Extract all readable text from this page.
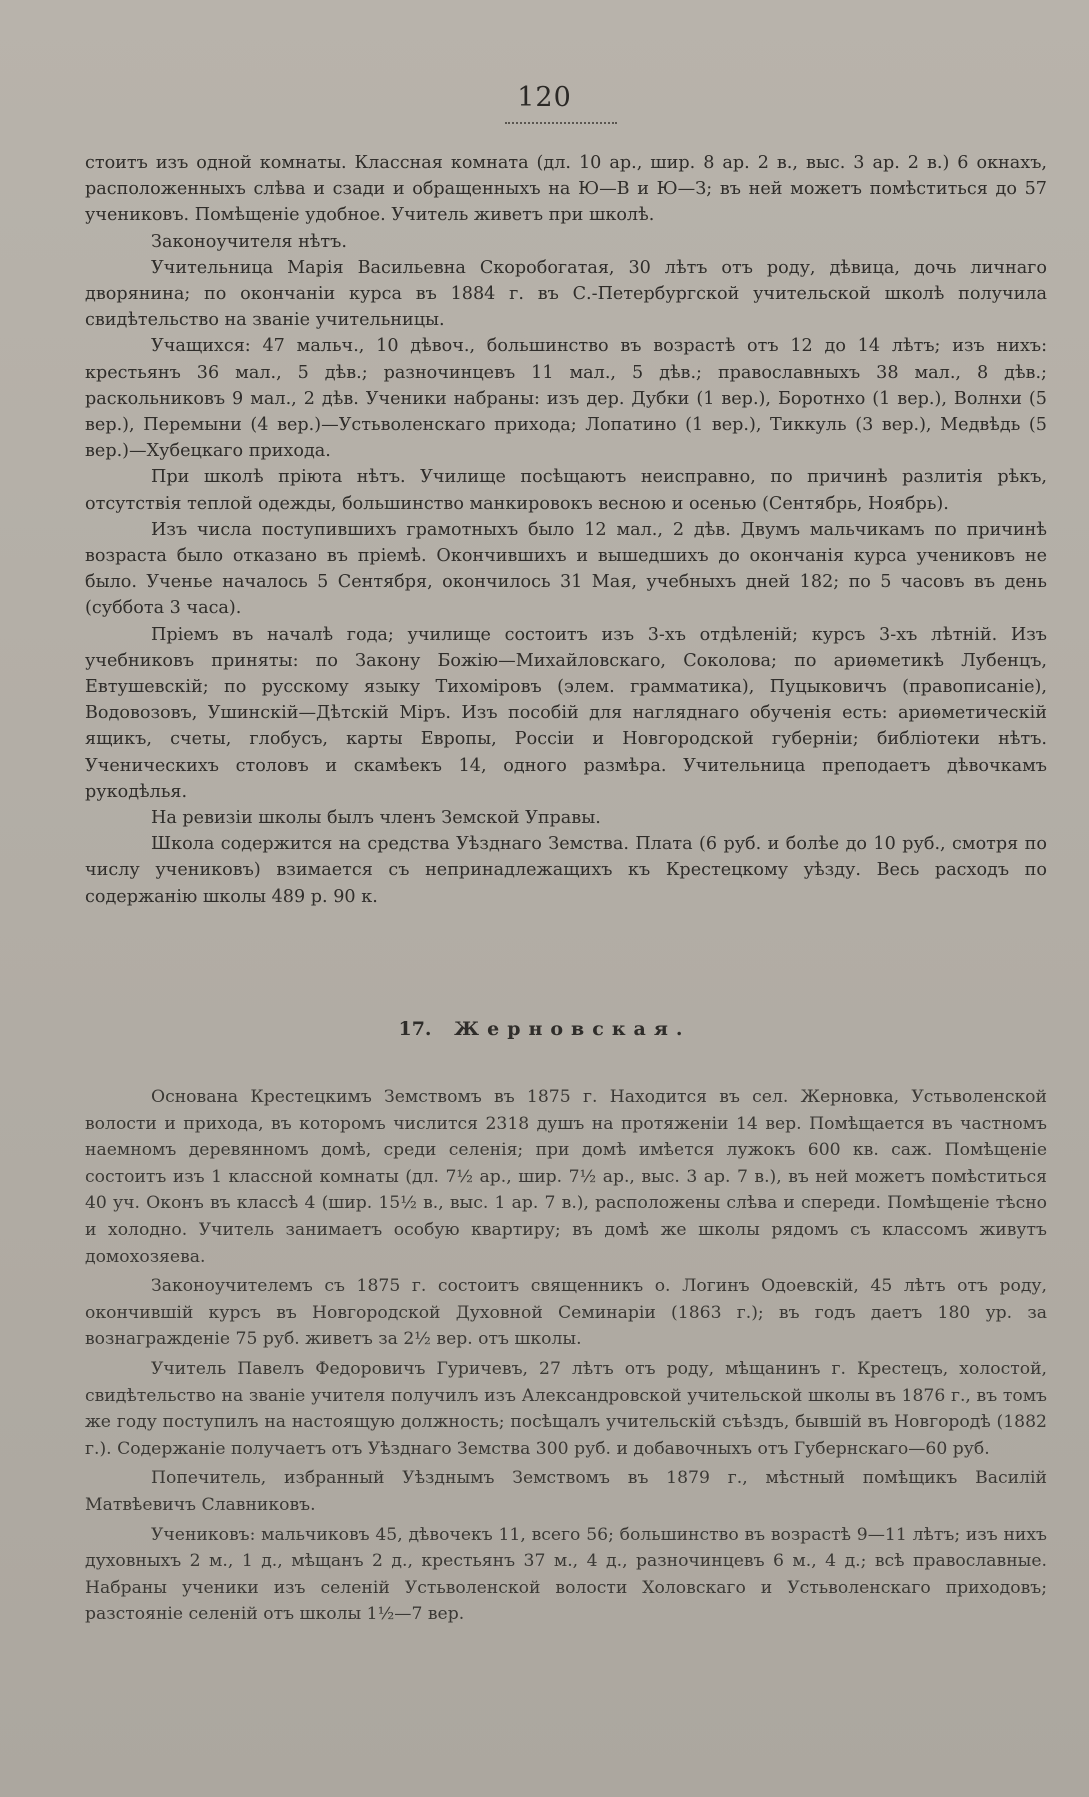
120

стоитъ изъ одной комнаты. Классная комната (дл. 10 ар., шир. 8 ар. 2 в., выс. 3 ар. 2 в.) 6 окнахъ, расположенныхъ слѣва и сзади и обращенныхъ на Ю—В и Ю—З; въ ней можетъ помѣститься до 57 учениковъ. Помѣщеніе удобное. Учитель живетъ при школѣ.

Законоучителя нѣтъ.

Учительница Марія Васильевна Скоробогатая, 30 лѣтъ отъ роду, дѣвица, дочь личнаго дворянина; по окончаніи курса въ 1884 г. въ С.-Петербургской учительской школѣ получила свидѣтельство на званіе учительницы.

Учащихся: 47 мальч., 10 дѣвоч., большинство въ возрастѣ отъ 12 до 14 лѣтъ; изъ нихъ: крестьянъ 36 мал., 5 дѣв.; разночинцевъ 11 мал., 5 дѣв.; православныхъ 38 мал., 8 дѣв.; раскольниковъ 9 мал., 2 дѣв. Ученики набраны: изъ дер. Дубки (1 вер.), Боротнхо (1 вер.), Волнхи (5 вер.), Перемыни (4 вер.)—Устьволенскаго прихода; Лопатино (1 вер.), Тиккуль (3 вер.), Медвѣдь (5 вер.)—Хубецкаго прихода.

При школѣ пріюта нѣтъ. Училище посѣщаютъ неисправно, по причинѣ разлитія рѣкъ, отсутствія теплой одежды, большинство манкировокъ весною и осенью (Сентябрь, Ноябрь).

Изъ числа поступившихъ грамотныхъ было 12 мал., 2 дѣв. Двумъ мальчикамъ по причинѣ возраста было отказано въ пріемѣ. Окончившихъ и вышедшихъ до окончанія курса учениковъ не было. Ученье началось 5 Сентября, окончилось 31 Мая, учебныхъ дней 182; по 5 часовъ въ день (суббота 3 часа).

Пріемъ въ началѣ года; училище состоитъ изъ 3-хъ отдѣленій; курсъ 3-хъ лѣтній. Изъ учебниковъ приняты: по Закону Божію—Михайловскаго, Соколова; по ариѳметикѣ Лубенцъ, Евтушевскій; по русскому языку Тихоміровъ (элем. грамматика), Пуцыковичъ (правописаніе), Водовозовъ, Ушинскій—Дѣтскій Міръ. Изъ пособій для нагляднаго обученія есть: ариѳметическій ящикъ, счеты, глобусъ, карты Европы, Россіи и Новгородской губерніи; библіотеки нѣтъ. Ученическихъ столовъ и скамѣекъ 14, одного размѣра. Учительница преподаетъ дѣвочкамъ рукодѣлья.

На ревизіи школы былъ членъ Земской Управы.

Школа содержится на средства Уѣзднаго Земства. Плата (6 руб. и болѣе до 10 руб., смотря по числу учениковъ) взимается съ непринадлежащихъ къ Крестецкому уѣзду. Весь расходъ по содержанію школы 489 р. 90 к.

17. Жерновская.

Основана Крестецкимъ Земствомъ въ 1875 г. Находится въ сел. Жерновка, Устьволенской волости и прихода, въ которомъ числится 2318 душъ на протяженіи 14 вер. Помѣщается въ частномъ наемномъ деревянномъ домѣ, среди селенія; при домѣ имѣется лужокъ 600 кв. саж. Помѣщеніе состоитъ изъ 1 классной комнаты (дл. 7½ ар., шир. 7½ ар., выс. 3 ар. 7 в.), въ ней можетъ помѣститься 40 уч. Оконъ въ классѣ 4 (шир. 15½ в., выс. 1 ар. 7 в.), расположены слѣва и спереди. Помѣщеніе тѣсно и холодно. Учитель занимаетъ особую квартиру; въ домѣ же школы рядомъ съ классомъ живутъ домохозяева.

Законоучителемъ съ 1875 г. состоитъ священникъ о. Логинъ Одоевскій, 45 лѣтъ отъ роду, окончившій курсъ въ Новгородской Духовной Семинаріи (1863 г.); въ годъ даетъ 180 ур. за вознагражденіе 75 руб. живетъ за 2½ вер. отъ школы.

Учитель Павелъ Федоровичъ Гуричевъ, 27 лѣтъ отъ роду, мѣщанинъ г. Крестецъ, холостой, свидѣтельство на званіе учителя получилъ изъ Александровской учительской школы въ 1876 г., въ томъ же году поступилъ на настоящую должность; посѣщалъ учительскій съѣздъ, бывшій въ Новгородѣ (1882 г.). Содержаніе получаетъ отъ Уѣзднаго Земства 300 руб. и добавочныхъ отъ Губернскаго—60 руб.

Попечитель, избранный Уѣзднымъ Земствомъ въ 1879 г., мѣстный помѣщикъ Василій Матвѣевичъ Славниковъ.

Учениковъ: мальчиковъ 45, дѣвочекъ 11, всего 56; большинство въ возрастѣ 9—11 лѣтъ; изъ нихъ духовныхъ 2 м., 1 д., мѣщанъ 2 д., крестьянъ 37 м., 4 д., разночинцевъ 6 м., 4 д.; всѣ православные. Набраны ученики изъ селеній Устьволенской волости Холовскаго и Устьволенскаго приходовъ; разстояніе селеній отъ школы 1½—7 вер.
